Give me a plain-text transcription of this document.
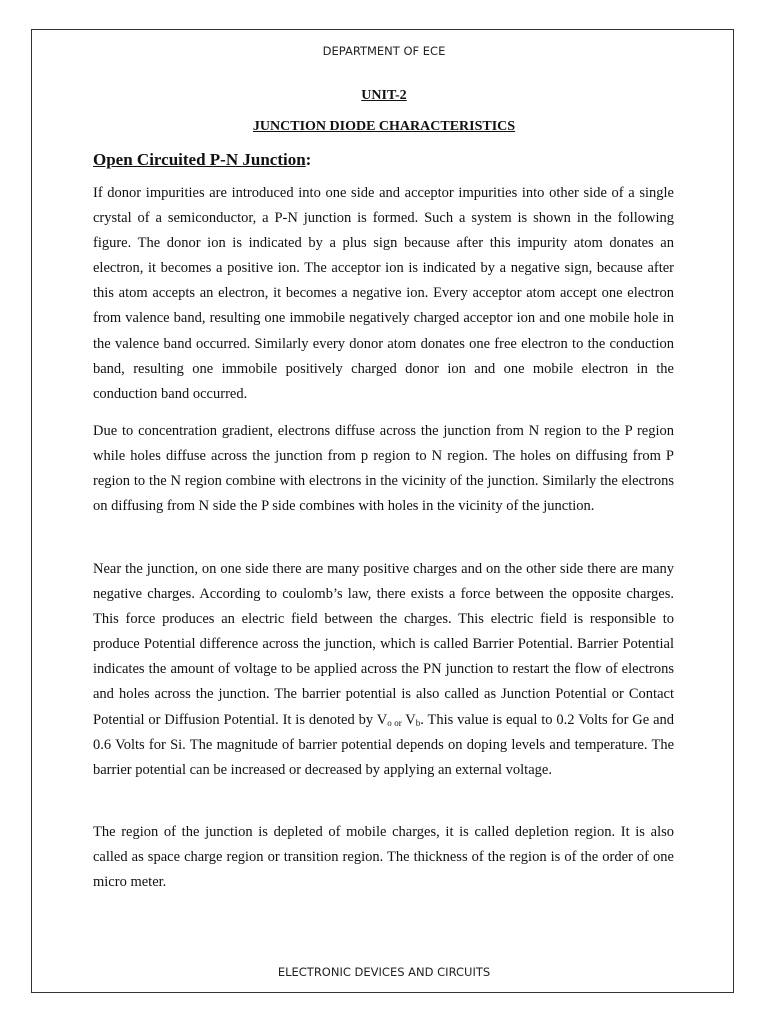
DEPARTMENT OF ECE
UNIT-2
JUNCTION DIODE CHARACTERISTICS
Open Circuited P-N Junction:

If donor impurities are introduced into one side and acceptor impurities into other side of a single crystal of a semiconductor, a P-N junction is formed. Such a system is shown in the following figure. The donor ion is indicated by a plus sign because after this impurity atom donates an electron, it becomes a positive ion. The acceptor ion is indicated by a negative sign, because after this atom accepts an electron, it becomes a negative ion. Every acceptor atom accept one electron from valence band, resulting one immobile negatively charged acceptor ion and one mobile hole in the valence band occurred. Similarly every donor atom donates one free electron to the conduction band, resulting one immobile positively charged donor ion and one mobile electron in the conduction band occurred.

Due to concentration gradient, electrons diffuse across the junction from N region to the P region while holes diffuse across the junction from p region to N region. The holes on diffusing from P region to the N region combine with electrons in the vicinity of the junction. Similarly the electrons on diffusing from N side the P side combines with holes in the vicinity of the junction.

Near the junction, on one side there are many positive charges and on the other side there are many negative charges. According to coulomb’s law, there exists a force between the opposite charges. This force produces an electric field between the charges. This electric field is responsible to produce Potential difference across the junction, which is called Barrier Potential. Barrier Potential indicates the amount of voltage to be applied across the PN junction to restart the flow of electrons and holes across the junction. The barrier potential is also called as Junction Potential or Contact Potential or Diffusion Potential. It is denoted by $V_{o or}$ $V_b$. This value is equal to 0.2 Volts for Ge and 0.6 Volts for Si. The magnitude of barrier potential depends on doping levels and temperature. The barrier potential can be increased or decreased by applying an external voltage.

The region of the junction is depleted of mobile charges, it is called depletion region. It is also called as space charge region or transition region. The thickness of the region is of the order of one micro meter.

ELECTRONIC DEVICES AND CIRCUITS
